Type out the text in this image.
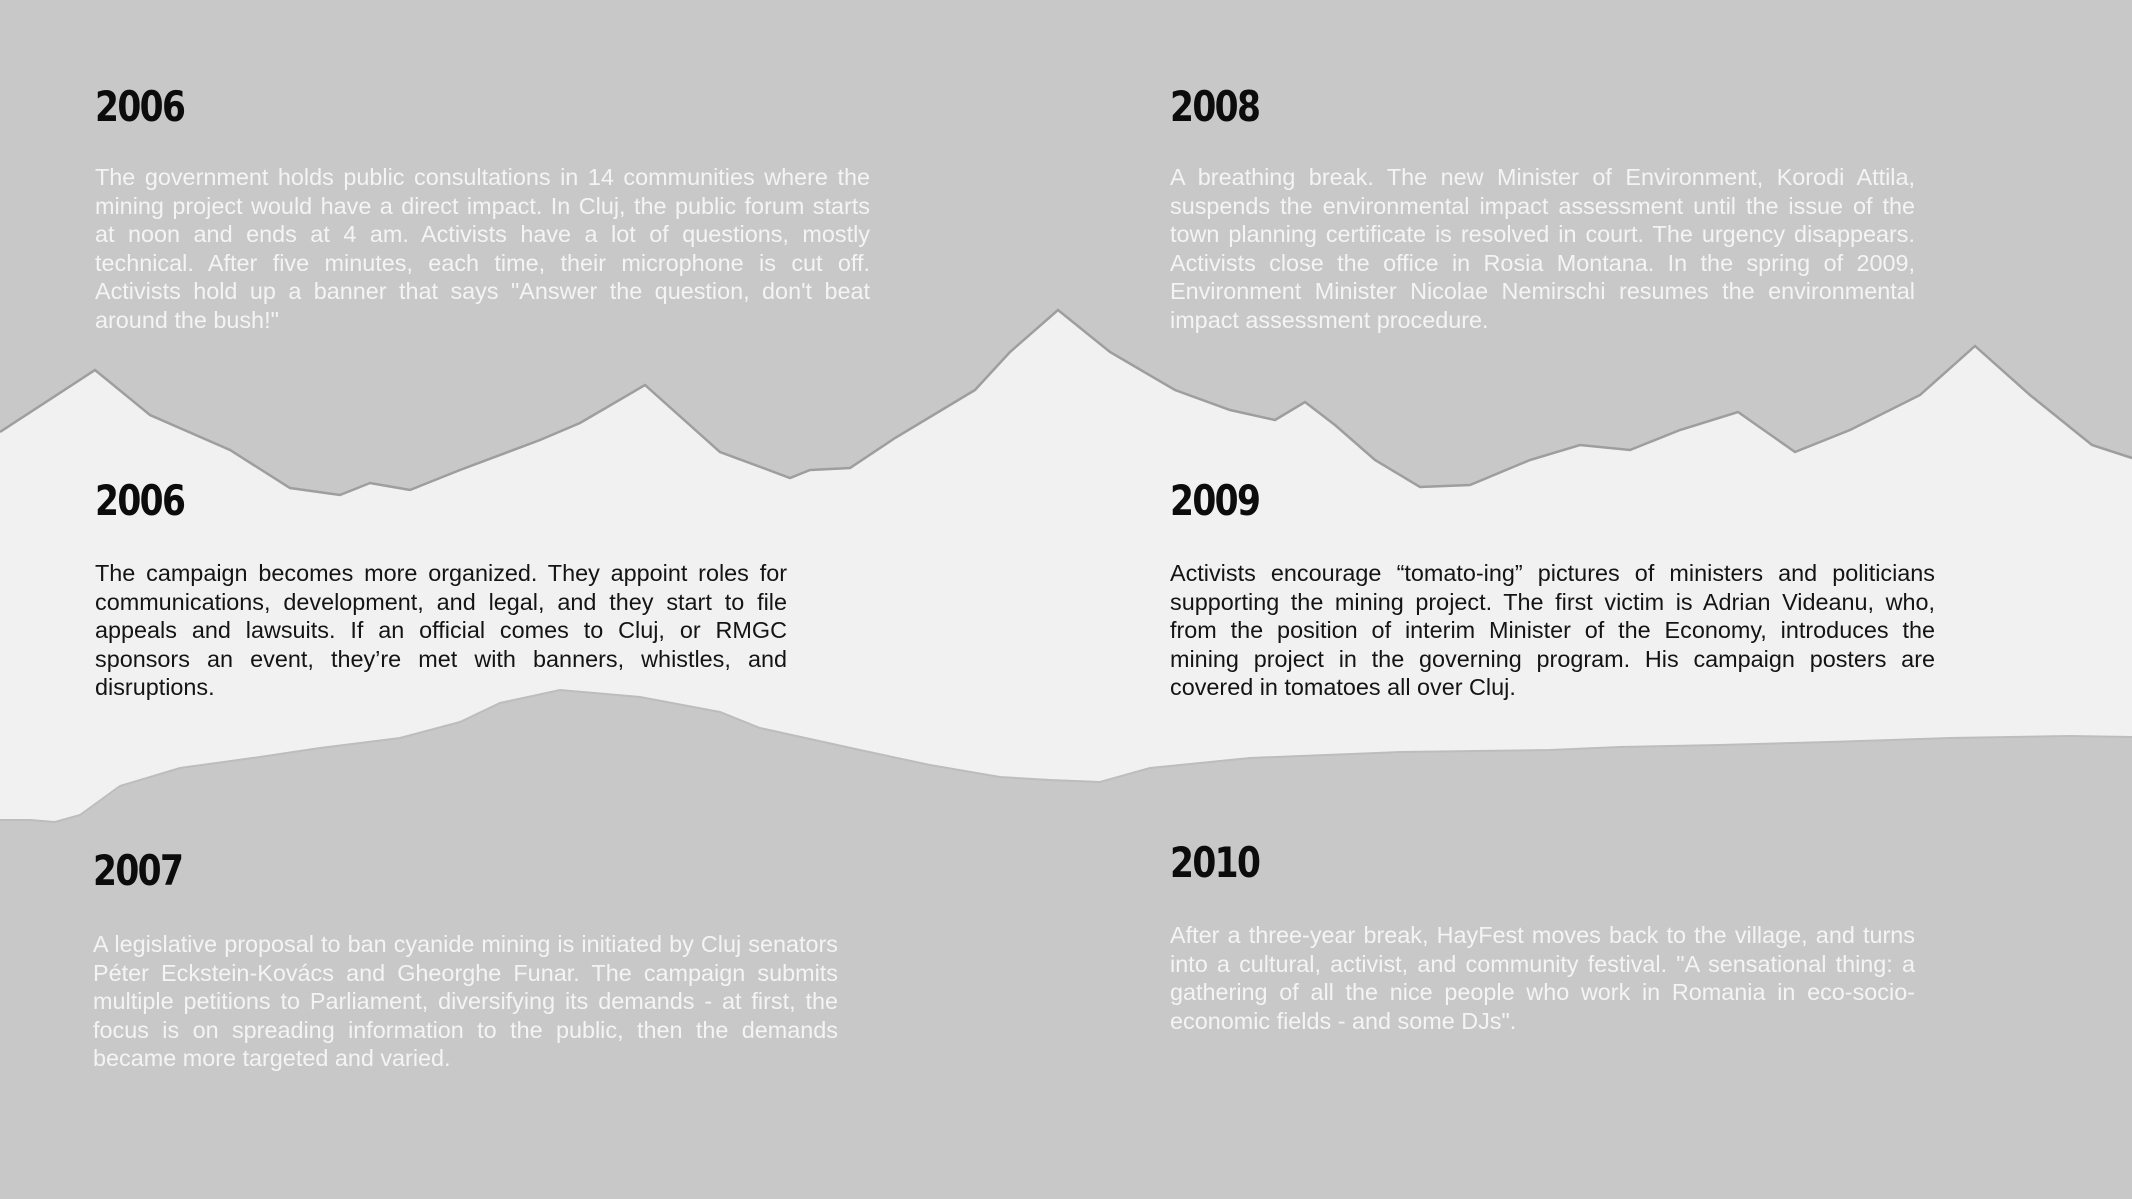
2006

The government holds public consultations in 14 communities where the mining project would have a direct impact. In Cluj, the public forum starts at noon and ends at 4 am. Activists have a lot of questions, mostly technical. After five minutes, each time, their microphone is cut off. Activists hold up a banner that says "Answer the question, don't beat around the bush!"

2008

A breathing break. The new Minister of Environment, Korodi Attila, suspends the environmental impact assessment until the issue of the town planning certificate is resolved in court. The urgency disappears. Activists close the office in Rosia Montana. In the spring of 2009, Environment Minister Nicolae Nemirschi resumes the environmental impact assessment procedure.

2006

The campaign becomes more organized. They appoint roles for communications, development, and legal, and they start to file appeals and lawsuits. If an official comes to Cluj, or RMGC sponsors an event, they’re met with banners, whistles, and disruptions.

2009

Activists encourage “tomato-ing” pictures of ministers and politicians supporting the mining project. The first victim is Adrian Videanu, who, from the position of interim Minister of the Economy, introduces the mining project in the governing program. His campaign posters are covered in tomatoes all over Cluj.

2007

A legislative proposal to ban cyanide mining is initiated by Cluj senators Péter Eckstein-Kovács and Gheorghe Funar. The campaign submits multiple petitions to Parliament, diversifying its demands - at first, the focus is on spreading information to the public, then the demands became more targeted and varied.

2010

After a three-year break, HayFest moves back to the village, and turns into a cultural, activist, and community festival. "A sensational thing: a gathering of all the nice people who work in Romania in eco-socio-economic fields - and some DJs".
